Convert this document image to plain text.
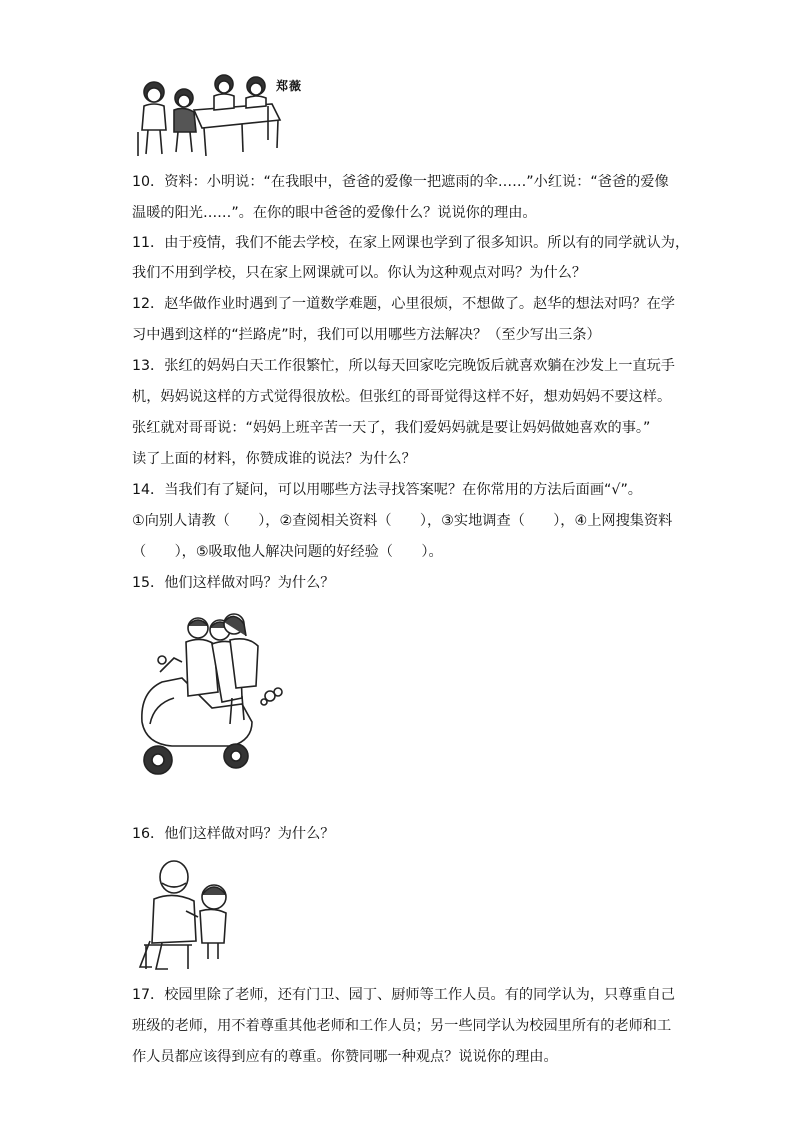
郑薇
10．资料：小明说：“在我眼中，爸爸的爱像一把遮雨的伞……”小红说：“爸爸的爱像
温暖的阳光……”。在你的眼中爸爸的爱像什么？说说你的理由。
11．由于疫情，我们不能去学校，在家上网课也学到了很多知识。所以有的同学就认为，
我们不用到学校，只在家上网课就可以。你认为这种观点对吗？为什么？
12．赵华做作业时遇到了一道数学难题，心里很烦，不想做了。赵华的想法对吗？在学
习中遇到这样的“拦路虎”时，我们可以用哪些方法解决？（至少写出三条）
13．张红的妈妈白天工作很繁忙，所以每天回家吃完晚饭后就喜欢躺在沙发上一直玩手
机，妈妈说这样的方式觉得很放松。但张红的哥哥觉得这样不好，想劝妈妈不要这样。
张红就对哥哥说：“妈妈上班辛苦一天了，我们爱妈妈就是要让妈妈做她喜欢的事。”
读了上面的材料，你赞成谁的说法？为什么？
14．当我们有了疑问，可以用哪些方法寻找答案呢？在你常用的方法后面画“√”。
①向别人请教（　　），②查阅相关资料（　　），③实地调查（　　），④上网搜集资料
（　　），⑤吸取他人解决问题的好经验（　　）。
15．他们这样做对吗？为什么？
16．他们这样做对吗？为什么？
17．校园里除了老师，还有门卫、园丁、厨师等工作人员。有的同学认为，只尊重自己
班级的老师，用不着尊重其他老师和工作人员；另一些同学认为校园里所有的老师和工
作人员都应该得到应有的尊重。你赞同哪一种观点？说说你的理由。
